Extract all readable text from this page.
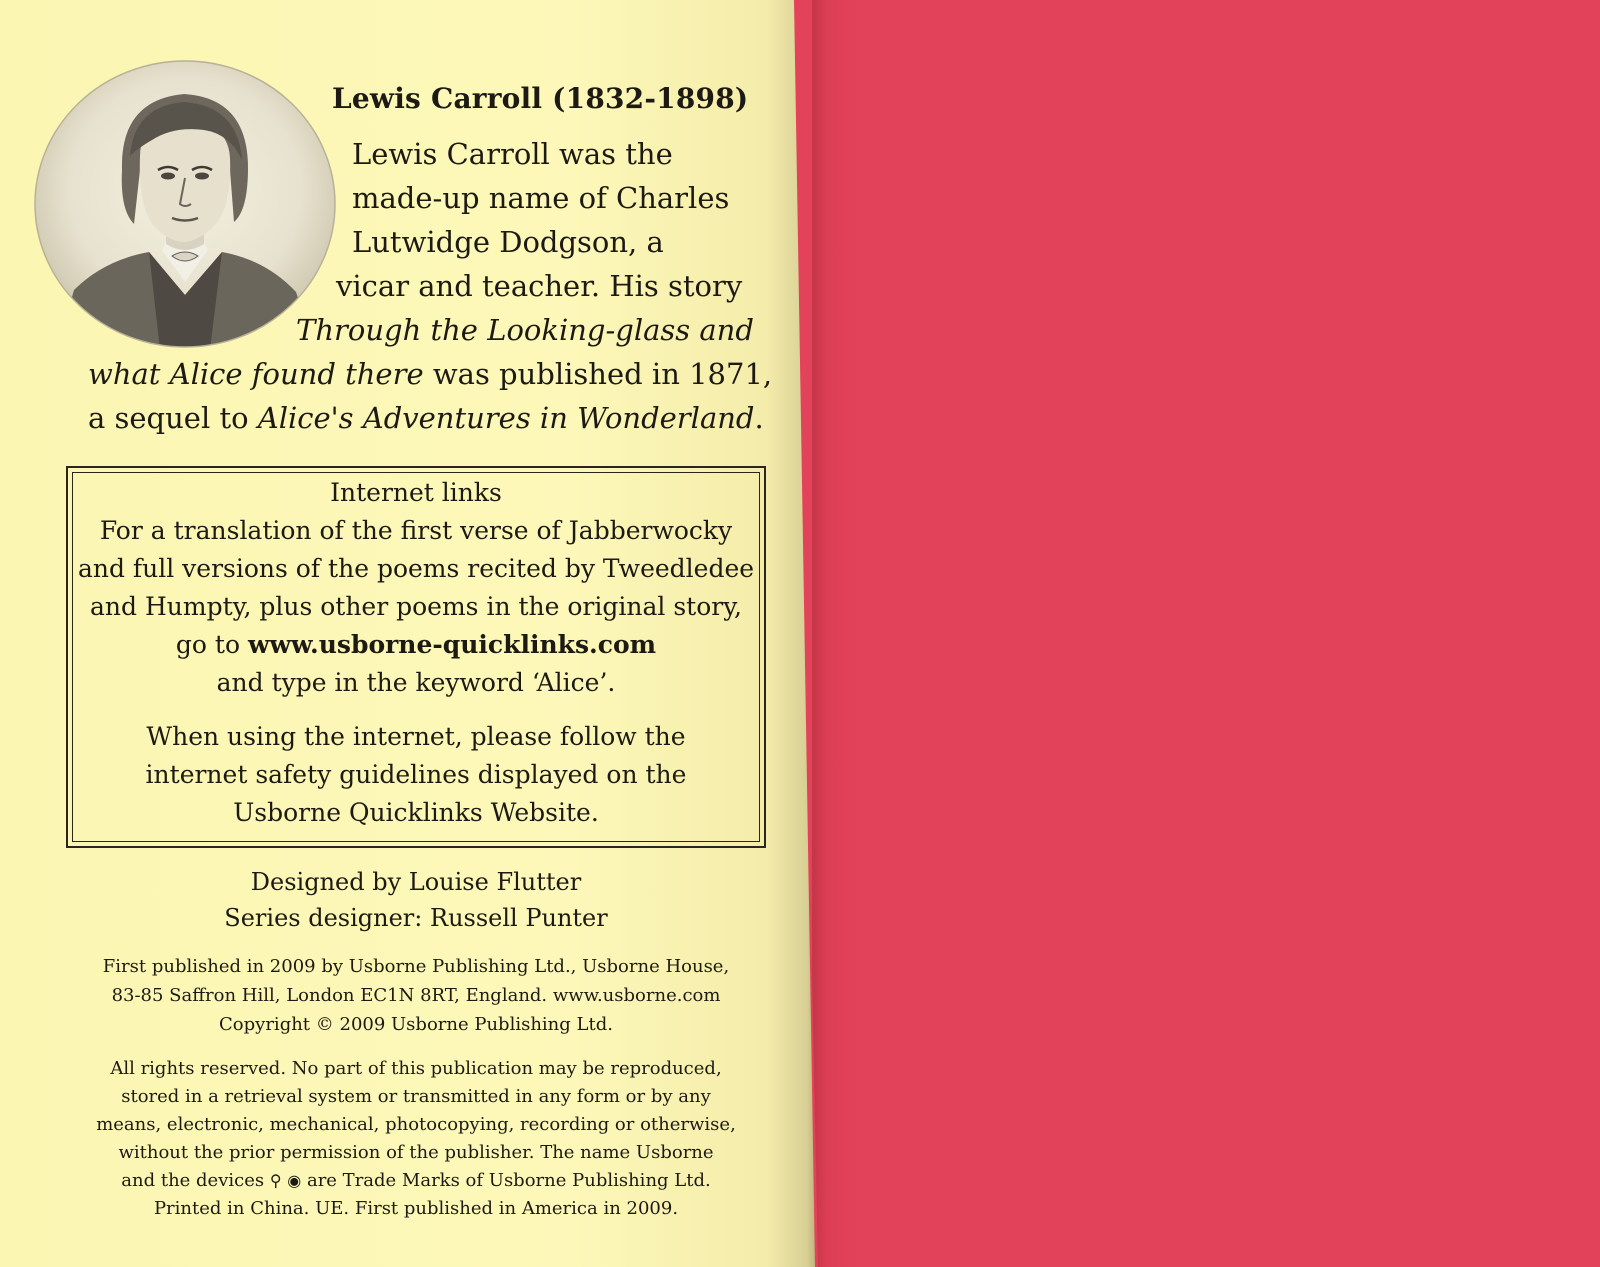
Lewis Carroll (1832-1898)
Lewis Carroll was the
made-up name of Charles
Lutwidge Dodgson, a
vicar and teacher. His story
Through the Looking-glass and
what Alice found there was published in 1871,
a sequel to Alice's Adventures in Wonderland.
Internet links
For a translation of the first verse of Jabberwocky
and full versions of the poems recited by Tweedledee
and Humpty, plus other poems in the original story,
go to www.usborne-quicklinks.com
and type in the keyword ‘Alice’.
When using the internet, please follow the
internet safety guidelines displayed on the
Usborne Quicklinks Website.
Designed by Louise Flutter
Series designer: Russell Punter
First published in 2009 by Usborne Publishing Ltd., Usborne House,
83-85 Saffron Hill, London EC1N 8RT, England. www.usborne.com
Copyright © 2009 Usborne Publishing Ltd.
All rights reserved. No part of this publication may be reproduced,
stored in a retrieval system or transmitted in any form or by any
means, electronic, mechanical, photocopying, recording or otherwise,
without the prior permission of the publisher. The name Usborne
and the devices ⚲ ◉ are Trade Marks of Usborne Publishing Ltd.
Printed in China. UE. First published in America in 2009.
